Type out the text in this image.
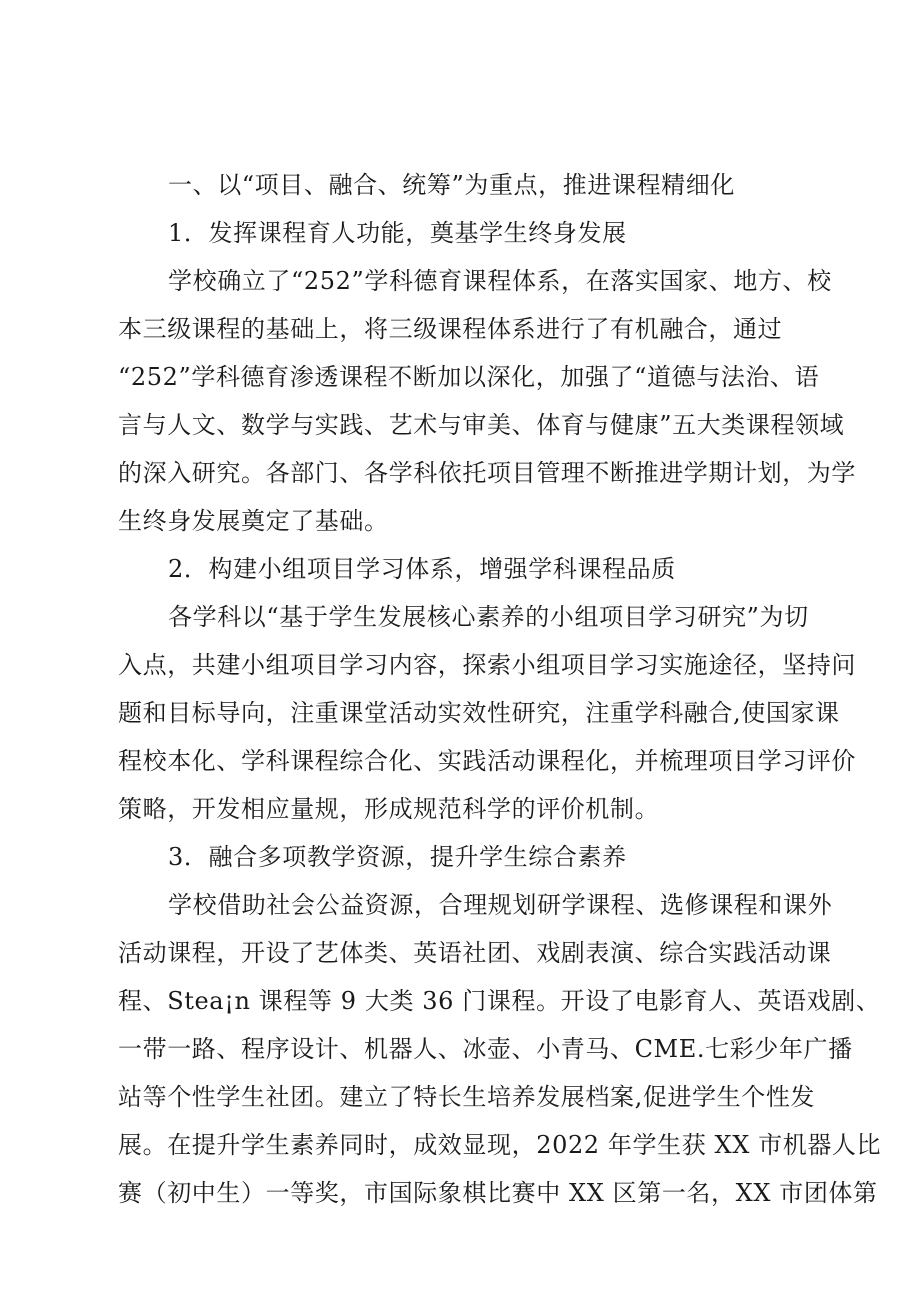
一、以“项目、融合、统筹”为重点，推进课程精细化
1．发挥课程育人功能，奠基学生终身发展
学校确立了“252”学科德育课程体系，在落实国家、地方、校
本三级课程的基础上，将三级课程体系进行了有机融合，通过
“252”学科德育渗透课程不断加以深化，加强了“道德与法治、语
言与人文、数学与实践、艺术与审美、体育与健康”五大类课程领域
的深入研究。各部门、各学科依托项目管理不断推进学期计划，为学
生终身发展奠定了基础。
2．构建小组项目学习体系，增强学科课程品质
各学科以“基于学生发展核心素养的小组项目学习研究”为切
入点，共建小组项目学习内容，探索小组项目学习实施途径，坚持问
题和目标导向，注重课堂活动实效性研究，注重学科融合,使国家课
程校本化、学科课程综合化、实践活动课程化，并梳理项目学习评价
策略，开发相应量规，形成规范科学的评价机制。
3．融合多项教学资源，提升学生综合素养
学校借助社会公益资源，合理规划研学课程、选修课程和课外
活动课程，开设了艺体类、英语社团、戏剧表演、综合实践活动课
程、Stea¡n 课程等 9 大类 36 门课程。开设了电影育人、英语戏剧、
一带一路、程序设计、机器人、冰壶、小青马、CME.七彩少年广播
站等个性学生社团。建立了特长生培养发展档案,促进学生个性发
展。在提升学生素养同时，成效显现，2022 年学生获 XX 市机器人比
赛（初中生）一等奖，市国际象棋比赛中 XX 区第一名，XX 市团体第
